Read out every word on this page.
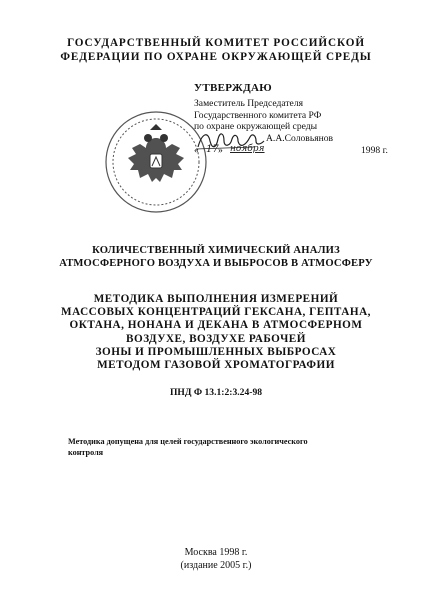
ГОСУДАРСТВЕННЫЙ КОМИТЕТ РОССИЙСКОЙ
ФЕДЕРАЦИИ ПО ОХРАНЕ ОКРУЖАЮЩЕЙ СРЕДЫ
УТВЕРЖДАЮ
Заместитель Председателя
Государственного комитета РФ
по охране окружающей среды
А.А.Соловьянов
« 17 » ноября	1998 г.
КОЛИЧЕСТВЕННЫЙ ХИМИЧЕСКИЙ АНАЛИЗ
АТМОСФЕРНОГО ВОЗДУХА И ВЫБРОСОВ В АТМОСФЕРУ
МЕТОДИКА ВЫПОЛНЕНИЯ ИЗМЕРЕНИЙ
МАССОВЫХ КОНЦЕНТРАЦИЙ ГЕКСАНА, ГЕПТАНА,
ОКТАНА, НОНАНА И ДЕКАНА В АТМОСФЕРНОМ
ВОЗДУХЕ, ВОЗДУХЕ РАБОЧЕЙ
ЗОНЫ И ПРОМЫШЛЕННЫХ ВЫБРОСАХ
МЕТОДОМ ГАЗОВОЙ ХРОМАТОГРАФИИ
ПНД Ф 13.1:2:3.24-98
Методика допущена для целей государственного экологического
контроля
Москва 1998 г.
(издание 2005 г.)
